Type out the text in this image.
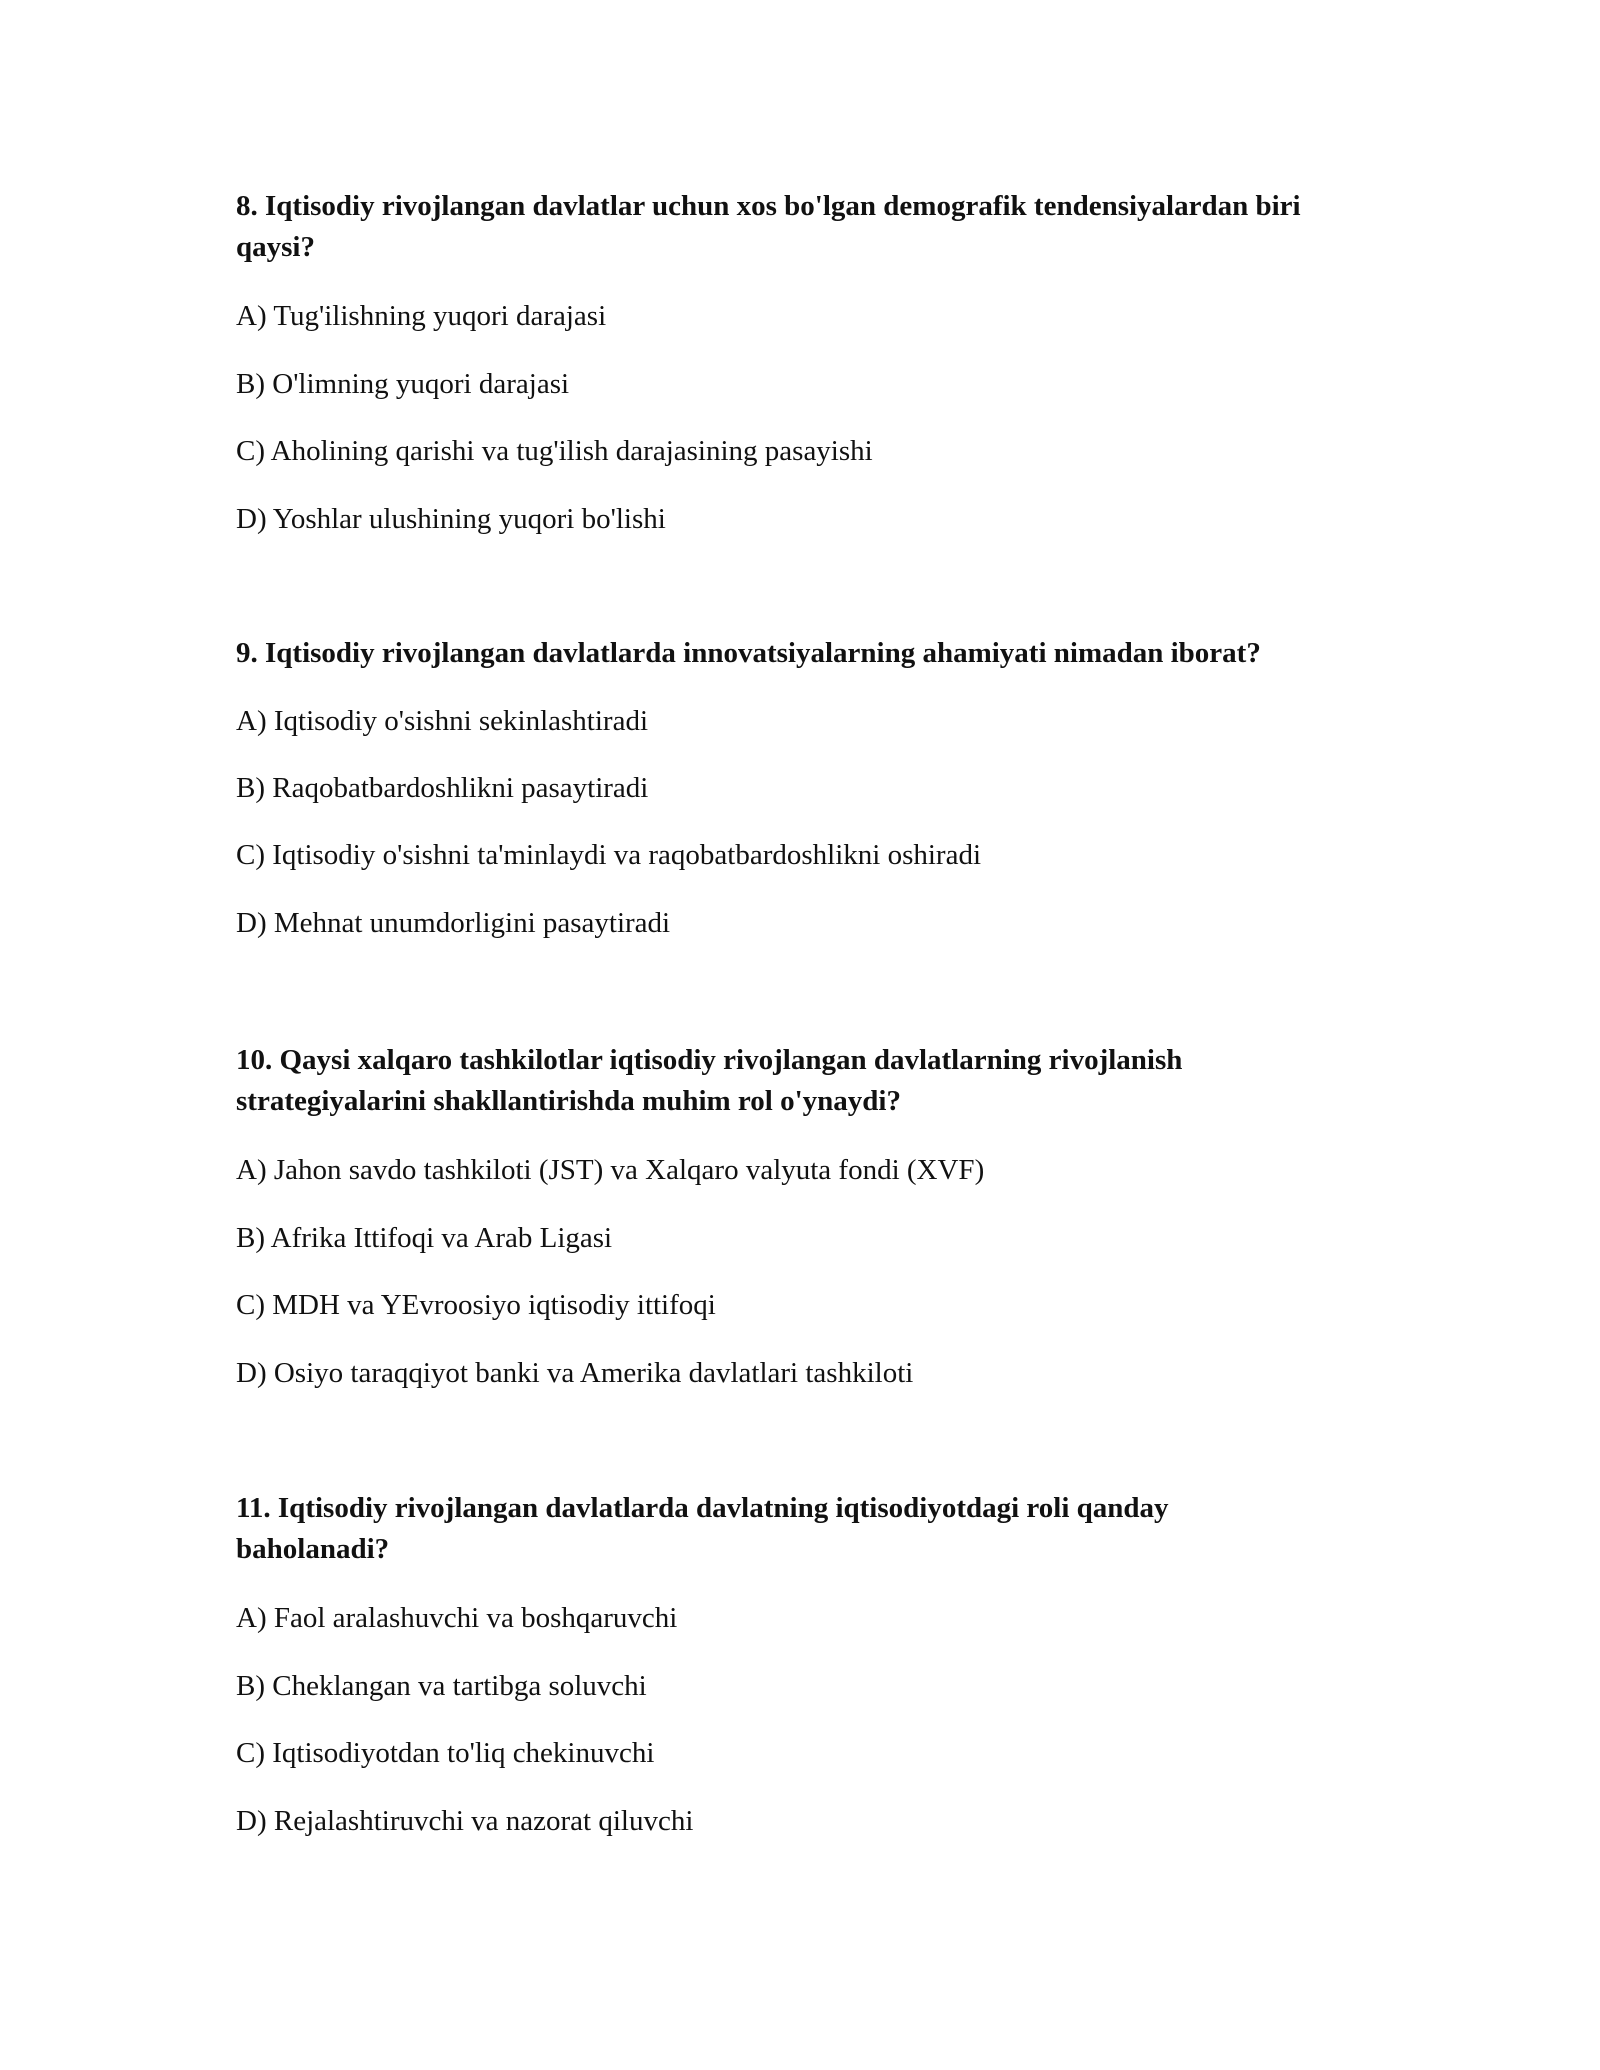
8. Iqtisodiy rivojlangan davlatlar uchun xos bo'lgan demografik tendensiyalardan biri qaysi?

A) Tug'ilishning yuqori darajasi

B) O'limning yuqori darajasi

C) Aholining qarishi va tug'ilish darajasining pasayishi

D) Yoshlar ulushining yuqori bo'lishi

9. Iqtisodiy rivojlangan davlatlarda innovatsiyalarning ahamiyati nimadan iborat?

A) Iqtisodiy o'sishni sekinlashtiradi

B) Raqobatbardoshlikni pasaytiradi

C) Iqtisodiy o'sishni ta'minlaydi va raqobatbardoshlikni oshiradi

D) Mehnat unumdorligini pasaytiradi

10. Qaysi xalqaro tashkilotlar iqtisodiy rivojlangan davlatlarning rivojlanish strategiyalarini shakllantirishda muhim rol o'ynaydi?

A) Jahon savdo tashkiloti (JST) va Xalqaro valyuta fondi (XVF)

B) Afrika Ittifoqi va Arab Ligasi

C) MDH va YEvroosiyo iqtisodiy ittifoqi

D) Osiyo taraqqiyot banki va Amerika davlatlari tashkiloti

11. Iqtisodiy rivojlangan davlatlarda davlatning iqtisodiyotdagi roli qanday baholanadi?

A) Faol aralashuvchi va boshqaruvchi

B) Cheklangan va tartibga soluvchi

C) Iqtisodiyotdan to'liq chekinuvchi

D) Rejalashtiruvchi va nazorat qiluvchi
